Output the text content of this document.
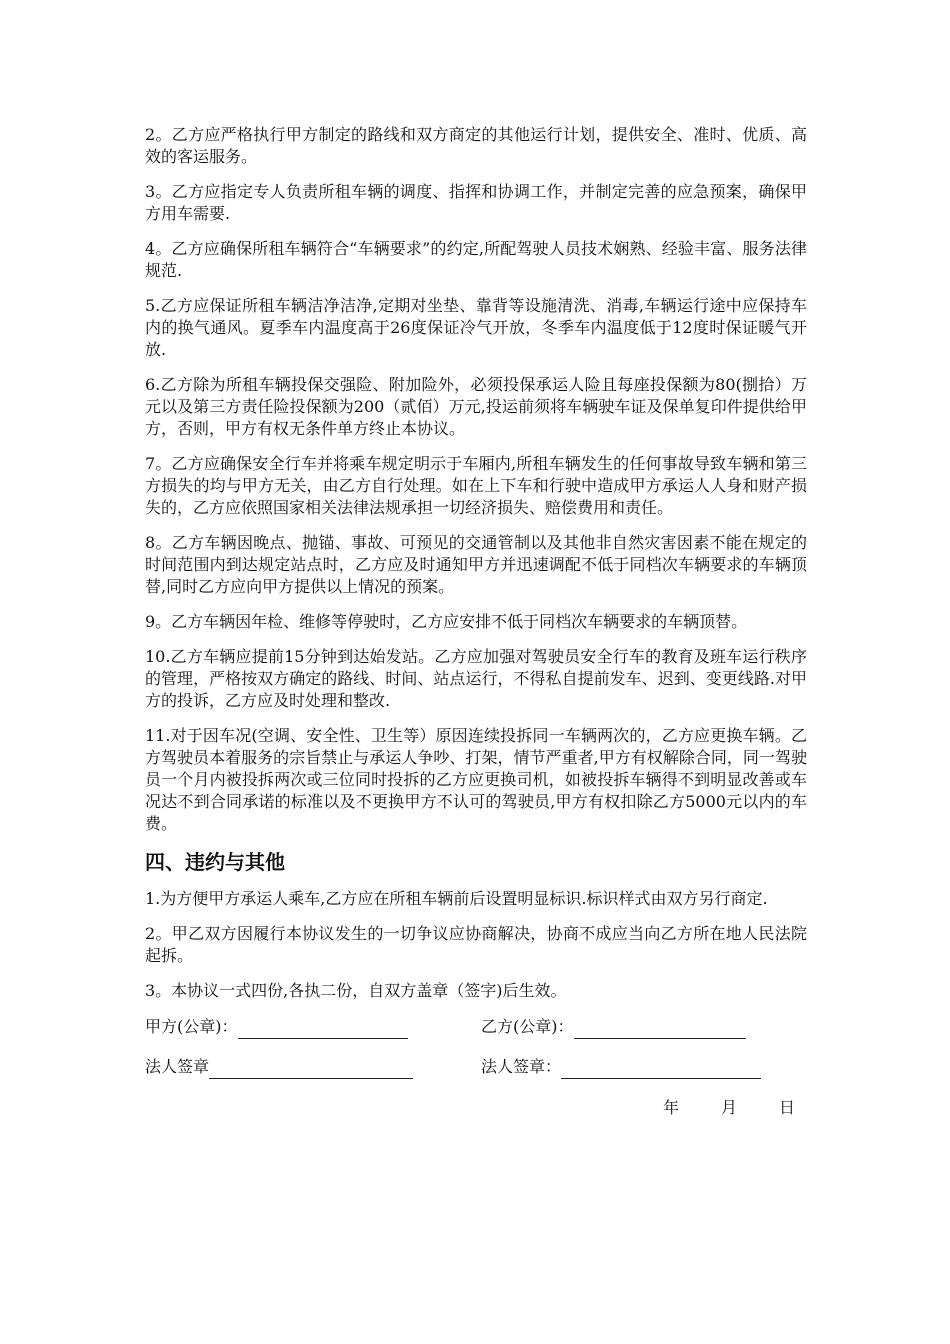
2。乙方应严格执行甲方制定的路线和双方商定的其他运行计划，提供安全、准时、优质、高效的客运服务。

3。乙方应指定专人负责所租车辆的调度、指挥和协调工作，并制定完善的应急预案，确保甲方用车需要.

4。乙方应确保所租车辆符合“车辆要求”的约定,所配驾驶人员技术娴熟、经验丰富、服务法律规范.

5.乙方应保证所租车辆洁净洁净,定期对坐垫、靠背等设施清洗、消毒,车辆运行途中应保持车内的换气通风。夏季车内温度高于26度保证冷气开放，冬季车内温度低于12度时保证暖气开放.

6.乙方除为所租车辆投保交强险、附加险外，必须投保承运人险且每座投保额为80(捌拾）万元以及第三方责任险投保额为200（贰佰）万元,投运前须将车辆驶车证及保单复印件提供给甲方，否则，甲方有权无条件单方终止本协议。

7。乙方应确保安全行车并将乘车规定明示于车厢内,所租车辆发生的任何事故导致车辆和第三方损失的均与甲方无关，由乙方自行处理。如在上下车和行驶中造成甲方承运人人身和财产损失的，乙方应依照国家相关法律法规承担一切经济损失、赔偿费用和责任。

8。乙方车辆因晚点、抛锚、事故、可预见的交通管制以及其他非自然灾害因素不能在规定的时间范围内到达规定站点时，乙方应及时通知甲方并迅速调配不低于同档次车辆要求的车辆顶替,同时乙方应向甲方提供以上情况的预案。

9。乙方车辆因年检、维修等停驶时，乙方应安排不低于同档次车辆要求的车辆顶替。

10.乙方车辆应提前15分钟到达始发站。乙方应加强对驾驶员安全行车的教育及班车运行秩序的管理，严格按双方确定的路线、时间、站点运行，不得私自提前发车、迟到、变更线路.对甲方的投诉，乙方应及时处理和整改.

11.对于因车况(空调、安全性、卫生等）原因连续投拆同一车辆两次的，乙方应更换车辆。乙方驾驶员本着服务的宗旨禁止与承运人争吵、打架，情节严重者,甲方有权解除合同，同一驾驶员一个月内被投拆两次或三位同时投拆的乙方应更换司机，如被投拆车辆得不到明显改善或车况达不到合同承诺的标准以及不更换甲方不认可的驾驶员,甲方有权扣除乙方5000元以内的车费。

四、违约与其他

1.为方便甲方承运人乘车,乙方应在所租车辆前后设置明显标识.标识样式由双方另行商定.

2。甲乙双方因履行本协议发生的一切争议应协商解决，协商不成应当向乙方所在地人民法院起拆。

3。本协议一式四份,各执二份，自双方盖章（签字)后生效。

甲方(公章)：	乙方(公章)：
法人签章	法人签章：
年	月	日
